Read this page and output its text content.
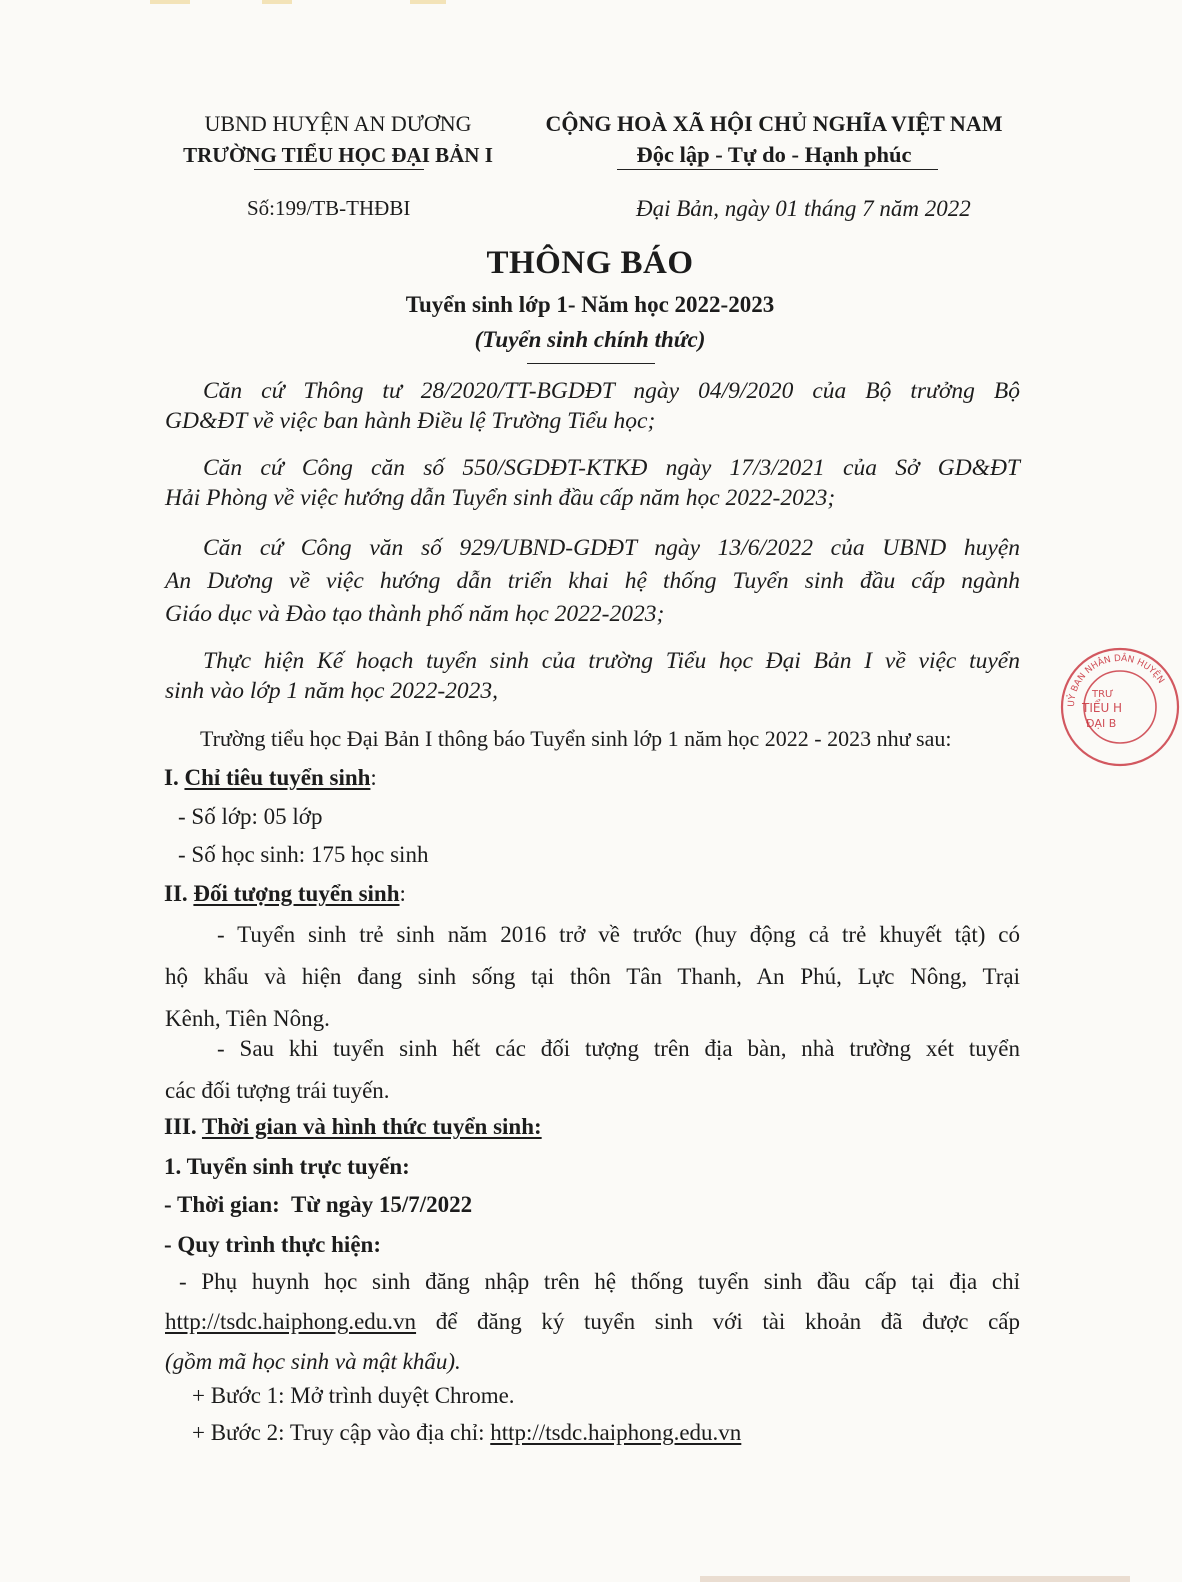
UBND HUYỆN AN DƯƠNG
TRƯỜNG TIỂU HỌC ĐẠI BẢN I
CỘNG HOÀ XÃ HỘI CHỦ NGHĨA VIỆT NAM
Độc lập - Tự do - Hạnh phúc
Số:199/TB-THĐBI	Đại Bản, ngày 01 tháng 7 năm 2022
THÔNG BÁO
Tuyển sinh lớp 1- Năm học 2022-2023
(Tuyển sinh chính thức)
Căn cứ Thông tư 28/2020/TT-BGDĐT ngày 04/9/2020 của Bộ trưởng Bộ
GD&ĐT về việc ban hành Điều lệ Trường Tiểu học;
Căn cứ Công căn số 550/SGDĐT-KTKĐ ngày 17/3/2021 của Sở GD&ĐT
Hải Phòng về việc hướng dẫn Tuyển sinh đầu cấp năm học 2022-2023;
Căn cứ Công văn số 929/UBND-GDĐT ngày 13/6/2022 của UBND huyện
An Dương về việc hướng dẫn triển khai hệ thống Tuyển sinh đầu cấp ngành
Giáo dục và Đào tạo thành phố năm học 2022-2023;
Thực hiện Kế hoạch tuyển sinh của trường Tiểu học Đại Bản I về việc tuyển
sinh vào lớp 1 năm học 2022-2023,
Trường tiểu học Đại Bản I thông báo Tuyển sinh lớp 1 năm học 2022 - 2023 như sau:
I. Chỉ tiêu tuyển sinh:
- Số lớp: 05 lớp
- Số học sinh: 175 học sinh
II. Đối tượng tuyển sinh:
- Tuyển sinh trẻ sinh năm 2016 trở về trước (huy động cả trẻ khuyết tật) có
hộ khẩu và hiện đang sinh sống tại thôn Tân Thanh, An Phú, Lực Nông, Trại
Kênh, Tiên Nông.
- Sau khi tuyển sinh hết các đối tượng trên địa bàn, nhà trường xét tuyển
các đối tượng trái tuyến.
III. Thời gian và hình thức tuyển sinh:
1. Tuyển sinh trực tuyến:
- Thời gian: Từ ngày 15/7/2022
- Quy trình thực hiện:
- Phụ huynh học sinh đăng nhập trên hệ thống tuyển sinh đầu cấp tại địa chỉ
http://tsdc.haiphong.edu.vn để đăng ký tuyển sinh với tài khoản đã được cấp
(gồm mã học sinh và mật khẩu).
+ Bước 1: Mở trình duyệt Chrome.
+ Bước 2: Truy cập vào địa chỉ: http://tsdc.haiphong.edu.vn
UỶ BAN NHÂN DÂN HUYỆN
TRƯ
TIỂU H
ĐẠI B
